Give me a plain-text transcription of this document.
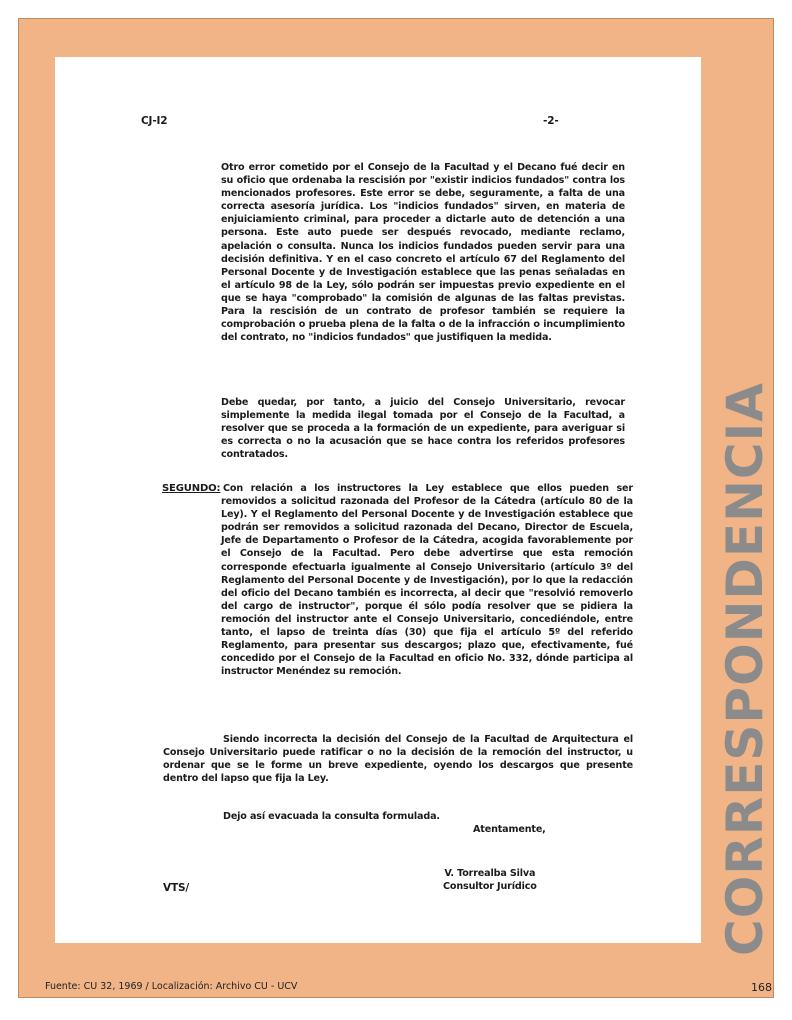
CJ-I2	-2-

Otro error cometido por el Consejo de la Facultad y el Decano fué decir en su oficio que ordenaba la rescisión por "existir indicios fundados" contra los mencionados profesores. Este error se debe, seguramente, a falta de una correcta asesoría jurídica. Los "indicios fundados" sirven, en materia de enjuiciamiento criminal, para proceder a dictarle auto de detención a una persona. Este auto puede ser después revocado, mediante reclamo, apelación o consulta. Nunca los indicios fundados pueden servir para una decisión definitiva. Y en el caso concreto el artículo 67 del Reglamento del Personal Docente y de Investigación establece que las penas señaladas en el artículo 98 de la Ley, sólo podrán ser impuestas previo expediente en el que se haya "comprobado" la comisión de algunas de las faltas previstas. Para la rescisión de un contrato de profesor también se requiere la comprobación o prueba plena de la falta o de la infracción o incumplimiento del contrato, no "indicios fundados" que justifiquen la medida.

Debe quedar, por tanto, a juicio del Consejo Universitario, revocar simplemente la medida ilegal tomada por el Consejo de la Facultad, a resolver que se proceda a la formación de un expediente, para averiguar si es correcta o no la acusación que se hace contra los referidos profesores contratados.

SEGUNDO: Con relación a los instructores la Ley establece que ellos pueden ser removidos a solicitud razonada del Profesor de la Cátedra (artículo 80 de la Ley). Y el Reglamento del Personal Docente y de Investigación establece que podrán ser removidos a solicitud razonada del Decano, Director de Escuela, Jefe de Departamento o Profesor de la Cátedra, acogida favorablemente por el Consejo de la Facultad. Pero debe advertirse que esta remoción corresponde efectuarla igualmente al Consejo Universitario (artículo 3º del Reglamento del Personal Docente y de Investigación), por lo que la redacción del oficio del Decano también es incorrecta, al decir que "resolvió removerlo del cargo de instructor", porque él sólo podía resolver que se pidiera la remoción del instructor ante el Consejo Universitario, concediéndole, entre tanto, el lapso de treinta días (30) que fija el artículo 5º del referido Reglamento, para presentar sus descargos; plazo que, efectivamente, fué concedido por el Consejo de la Facultad en oficio No. 332, dónde participa al instructor Menéndez su remoción.

Siendo incorrecta la decisión del Consejo de la Facultad de Arquitectura el Consejo Universitario puede ratificar o no la decisión de la remoción del instructor, u ordenar que se le forme un breve expediente, oyendo los descargos que presente dentro del lapso que fija la Ley.

Dejo así evacuada la consulta formulada.

Atentamente,
VTS/
V. Torrealba Silva
Consultor Jurídico	CORRESPONDENCIA
Fuente: CU 32, 1969 / Localización: Archivo CU - UCV	168
